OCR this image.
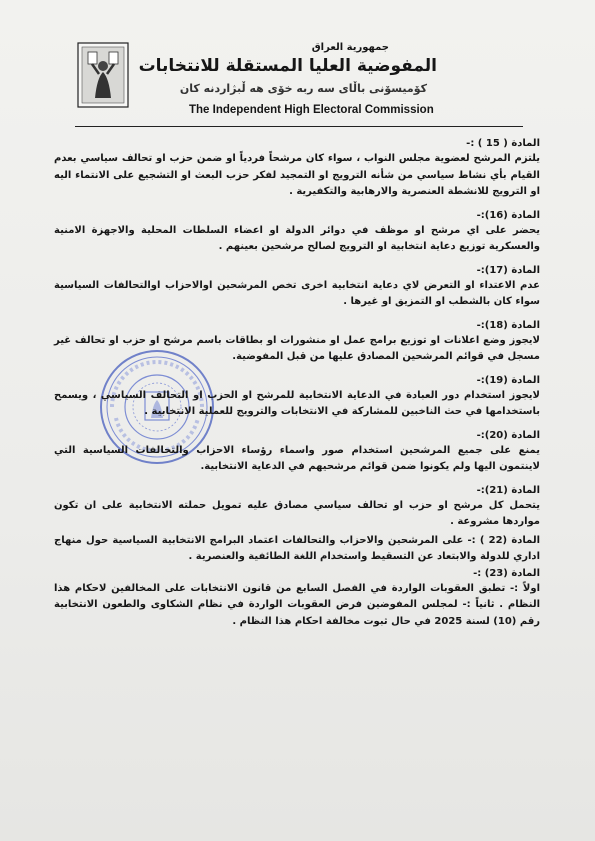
جمهورية العراق
المفوضية العليا المستقلة للانتخابات
كۆميسۆنی باڵای سه ربه خۆی هه ڵبژاردنه كان
The Independent High Electoral Commission
المادة ( 15 ) :-
يلتزم المرشح لعضوية مجلس النواب ، سواء كان مرشحاً فردياً او ضمن حزب او تحالف سياسي بعدم القيام بأي نشاط سياسي من شأنه الترويج او التمجيد لفكر حزب البعث او التشجيع على الانتماء اليه او الترويج للانشطة العنصرية والارهابية والتكفيرية .
المادة (16):-
يحضر على اي مرشح او موظف في دوائر الدولة او اعضاء السلطات المحلية والاجهزة الامنية والعسكرية توزيع دعاية انتخابية او الترويج لصالح مرشحين بعينهم .
المادة (17):-
عدم الاعتداء او التعرض لاي دعاية انتخابية اخرى تخص المرشحين اوالاحزاب اوالتحالفات السياسية سواء كان بالشطب او التمزيق او غيرها .
المادة (18):-
لايجوز وضع اعلانات او توزيع برامج عمل او منشورات او بطاقات باسم مرشح او حزب او تحالف غير مسجل في قوائم المرشحين المصادق عليها من قبل المفوضية.
المادة (19):-
لايجوز استخدام دور العبادة في الدعاية الانتخابية للمرشح او الحزب او التحالف السياسي ، ويسمح باستخدامها في حث الناخبين للمشاركة في الانتخابات والترويج للعملية الانتخابية .
المادة (20):-
يمنع على جميع المرشحين استخدام صور واسماء رؤساء الاحزاب والتحالفات السياسية التي لاينتمون اليها ولم يكونوا ضمن قوائم مرشحيهم في الدعاية الانتخابية.
المادة (21):-
يتحمل كل مرشح او حزب او تحالف سياسي مصادق عليه تمويل حملته الانتخابية على ان تكون مواردها مشروعة .
المادة (22 ) :- على المرشحين والاحزاب والتحالفات اعتماد البرامج الانتخابية السياسية حول منهاج اداري للدولة والابتعاد عن التسقيط واستخدام اللغة الطائفية والعنصرية .
المادة (23) :-
اولاً :- تطبق العقوبات الواردة في الفصل السابع من قانون الانتخابات على المخالفين لاحكام هذا النظام . ثانياً :- لمجلس المفوضين فرض العقوبات الواردة في نظام الشكاوى والطعون الانتخابية رقم (10) لسنة 2025 في حال ثبوت مخالفة احكام هذا النظام .
